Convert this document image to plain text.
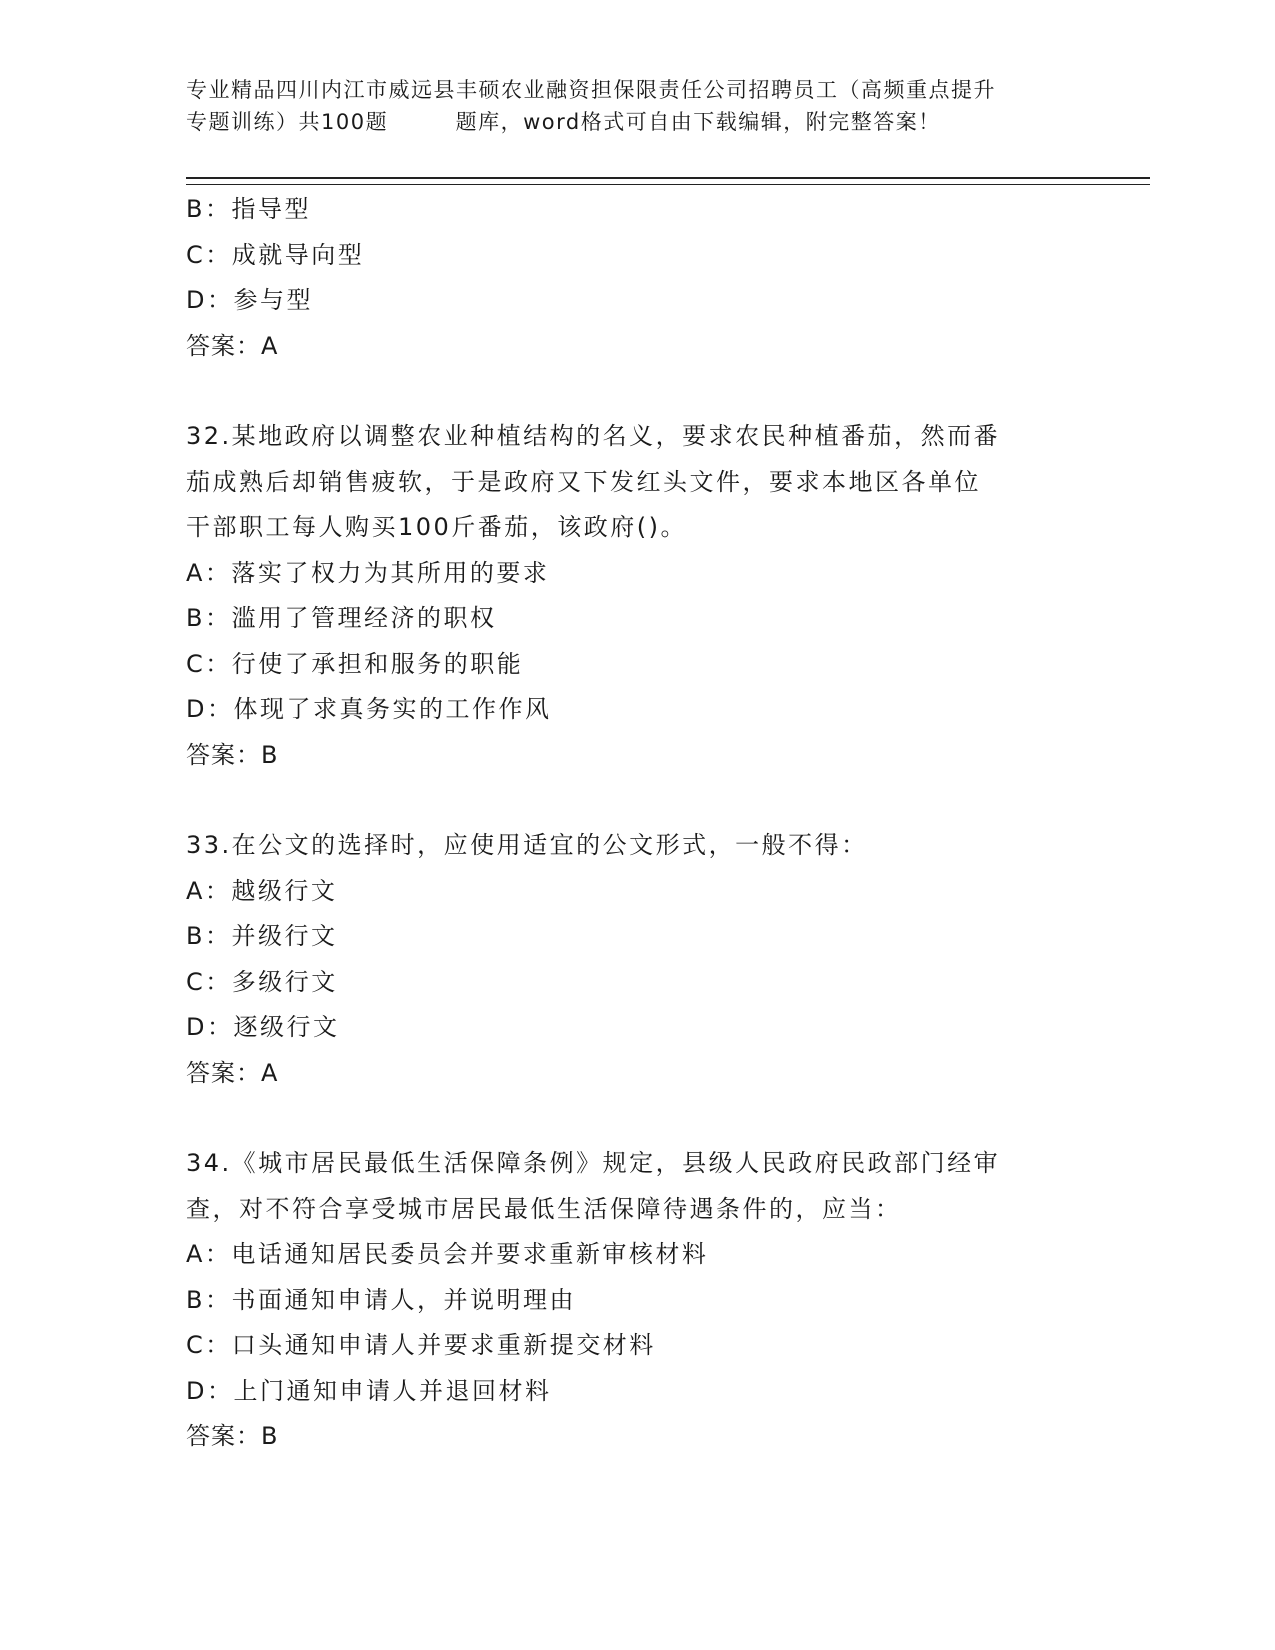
专业精品四川内江市威远县丰硕农业融资担保限责任公司招聘员工（高频重点提升
专题训练）共100题　　　题库，word格式可自由下载编辑，附完整答案！
B：指导型
C：成就导向型
D：参与型
答案：A
32.某地政府以调整农业种植结构的名义，要求农民种植番茄，然而番
茄成熟后却销售疲软，于是政府又下发红头文件，要求本地区各单位
干部职工每人购买100斤番茄，该政府()。
A：落实了权力为其所用的要求
B：滥用了管理经济的职权
C：行使了承担和服务的职能
D：体现了求真务实的工作作风
答案：B
33.在公文的选择时，应使用适宜的公文形式，一般不得：
A：越级行文
B：并级行文
C：多级行文
D：逐级行文
答案：A
34.《城市居民最低生活保障条例》规定，县级人民政府民政部门经审
查，对不符合享受城市居民最低生活保障待遇条件的，应当：
A：电话通知居民委员会并要求重新审核材料
B：书面通知申请人，并说明理由
C：口头通知申请人并要求重新提交材料
D：上门通知申请人并退回材料
答案：B
